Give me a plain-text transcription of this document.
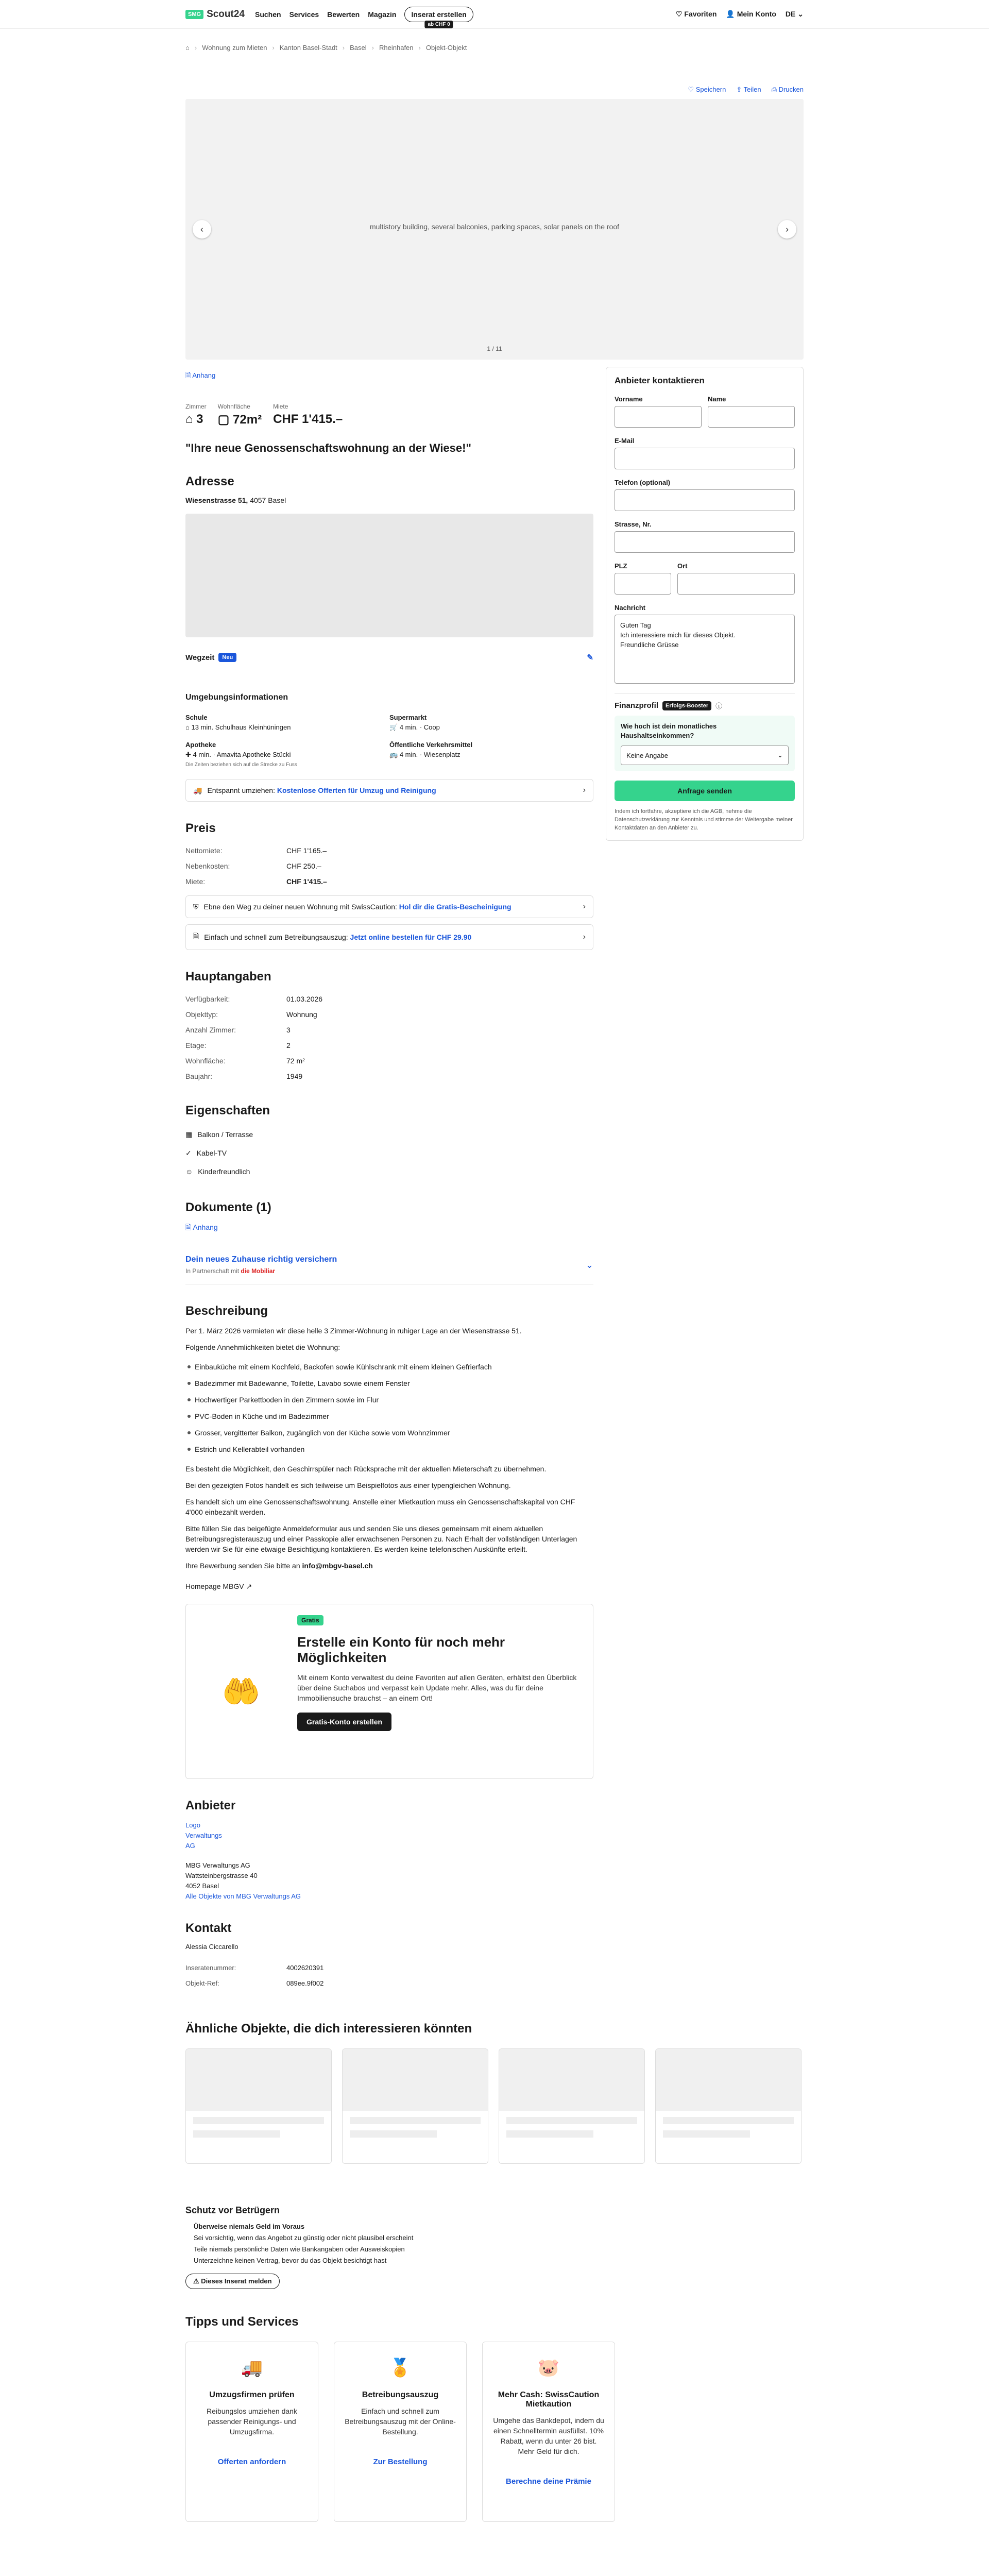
SMG Scout24 Suchen Services Bewerten Magazin	Inserat erstellen
ab CHF 0
♡ Favoriten 👤 Mein Konto DE ⌄
⌂ › Wohnung zum Mieten › Kanton Basel-Stadt › Basel › Rheinhafen › Objekt-Objekt
♡ Speichern ⇪ Teilen ⎙ Drucken
multistory building, several balconies, parking spaces, solar panels on the roof
‹	›
1 / 11
🗎 Anhang
Zimmer
⌂ 3
Wohnfläche
▢ 72m²
Miete
CHF 1'415.–
"Ihre neue Genossenschaftswohnung an der Wiese!"
Adresse
Wiesenstrasse 51, 4057 Basel
Wegzeit	Neu	✎
Umgebungsinformationen
Schule
⌂ 13 min. Schulhaus Kleinhüningen
Supermarkt
🛒 4 min. · Coop
Apotheke
✚ 4 min. · Amavita Apotheke Stücki
Die Zeiten beziehen sich auf die Strecke zu Fuss
Öffentliche Verkehrsmittel
🚌 4 min. · Wiesenplatz
🚚 Entspannt umziehen: Kostenlose Offerten für Umzug und Reinigung	›
Preis
Nettomiete:	CHF 1'165.–
Nebenkosten:	CHF 250.–
Miete:	CHF 1'415.–
⛨ Ebne den Weg zu deiner neuen Wohnung mit SwissCaution: Hol dir die Gratis-Bescheinigung	›
🗎 Einfach und schnell zum Betreibungsauszug: Jetzt online bestellen für CHF 29.90	›
Hauptangaben
Verfügbarkeit:	01.03.2026
Objekttyp:	Wohnung
Anzahl Zimmer:	3
Etage:	2
Wohnfläche:	72 m²
Baujahr:	1949
Eigenschaften
▦ Balkon / Terrasse
✓ Kabel-TV
☺ Kinderfreundlich
Dokumente (1)
🗎 Anhang
Dein neues Zuhause richtig versichern
In Partnerschaft mit die Mobiliar
⌄
Beschreibung

Per 1. März 2026 vermieten wir diese helle 3 Zimmer-Wohnung in ruhiger Lage an der Wiesenstrasse 51.

Folgende Annehmlichkeiten bietet die Wohnung:

Einbauküche mit einem Kochfeld, Backofen sowie Kühlschrank mit einem kleinen Gefrierfach
Badezimmer mit Badewanne, Toilette, Lavabo sowie einem Fenster
Hochwertiger Parkettboden in den Zimmern sowie im Flur
PVC-Boden in Küche und im Badezimmer
Grosser, vergitterter Balkon, zugänglich von der Küche sowie vom Wohnzimmer
Estrich und Kellerabteil vorhanden

Es besteht die Möglichkeit, den Geschirrspüler nach Rücksprache mit der aktuellen Mieterschaft zu übernehmen.

Bei den gezeigten Fotos handelt es sich teilweise um Beispielfotos aus einer typengleichen Wohnung.

Es handelt sich um eine Genossenschaftswohnung. Anstelle einer Mietkaution muss ein Genossenschaftskapital von CHF 4'000 einbezahlt werden.

Bitte füllen Sie das beigefügte Anmeldeformular aus und senden Sie uns dieses gemeinsam mit einem aktuellen Betreibungsregisterauszug und einer Passkopie aller erwachsenen Personen zu. Nach Erhalt der vollständigen Unterlagen werden wir Sie für eine etwaige Besichtigung kontaktieren. Es werden keine telefonischen Auskünfte erteilt.

Ihre Bewerbung senden Sie bitte an info@mbgv-basel.ch

Homepage MBGV ↗

🤲
Gratis
Erstelle ein Konto für noch mehr Möglichkeiten
Mit einem Konto verwaltest du deine Favoriten auf allen Geräten, erhältst den Überblick über deine Suchabos und verpasst kein Update mehr. Alles, was du für deine Immobiliensuche brauchst – an einem Ort!
Gratis-Konto erstellen
Anbieter
Logo Verwaltungs AG
MBG Verwaltungs AG
Wattsteinbergstrasse 40
4052 Basel
Alle Objekte von MBG Verwaltungs AG
Kontakt
Alessia Ciccarello
Inseratenummer:	4002620391
Objekt-Ref:	089ee.9f002
Ähnliche Objekte, die dich interessieren könnten
Schutz vor Betrügern
Überweise niemals Geld im Voraus
Sei vorsichtig, wenn das Angebot zu günstig oder nicht plausibel erscheint
Teile niemals persönliche Daten wie Bankangaben oder Ausweiskopien
Unterzeichne keinen Vertrag, bevor du das Objekt besichtigt hast
⚠ Dieses Inserat melden
Tipps und Services
🚚
Umzugsfirmen prüfen
Reibungslos umziehen dank passender Reinigungs- und Umzugsfirma.
Offerten anfordern
🏅
Betreibungsauszug
Einfach und schnell zum Betreibungsauszug mit der Online-Bestellung.
Zur Bestellung
🐷
Mehr Cash: SwissCaution Mietkaution
Umgehe das Bankdepot, indem du einen Schnelltermin ausfüllst. 10% Rabatt, wenn du unter 26 bist. Mehr Geld für dich.
Berechne deine Prämie
Anbieter kontaktieren
Vorname	Name
E-Mail
Telefon (optional)
Strasse, Nr.
PLZ	Ort
Nachricht
Guten Tag
Ich interessiere mich für dieses Objekt.
Freundliche Grüsse
Finanzprofil	Erfolgs-Booster	ⓘ
Wie hoch ist dein monatliches Haushaltseinkommen?
Keine Angabe	⌄
Anfrage senden
Indem ich fortfahre, akzeptiere ich die AGB, nehme die Datenschutzerklärung zur Kenntnis und stimme der Weitergabe meiner Kontaktdaten an den Anbieter zu.
